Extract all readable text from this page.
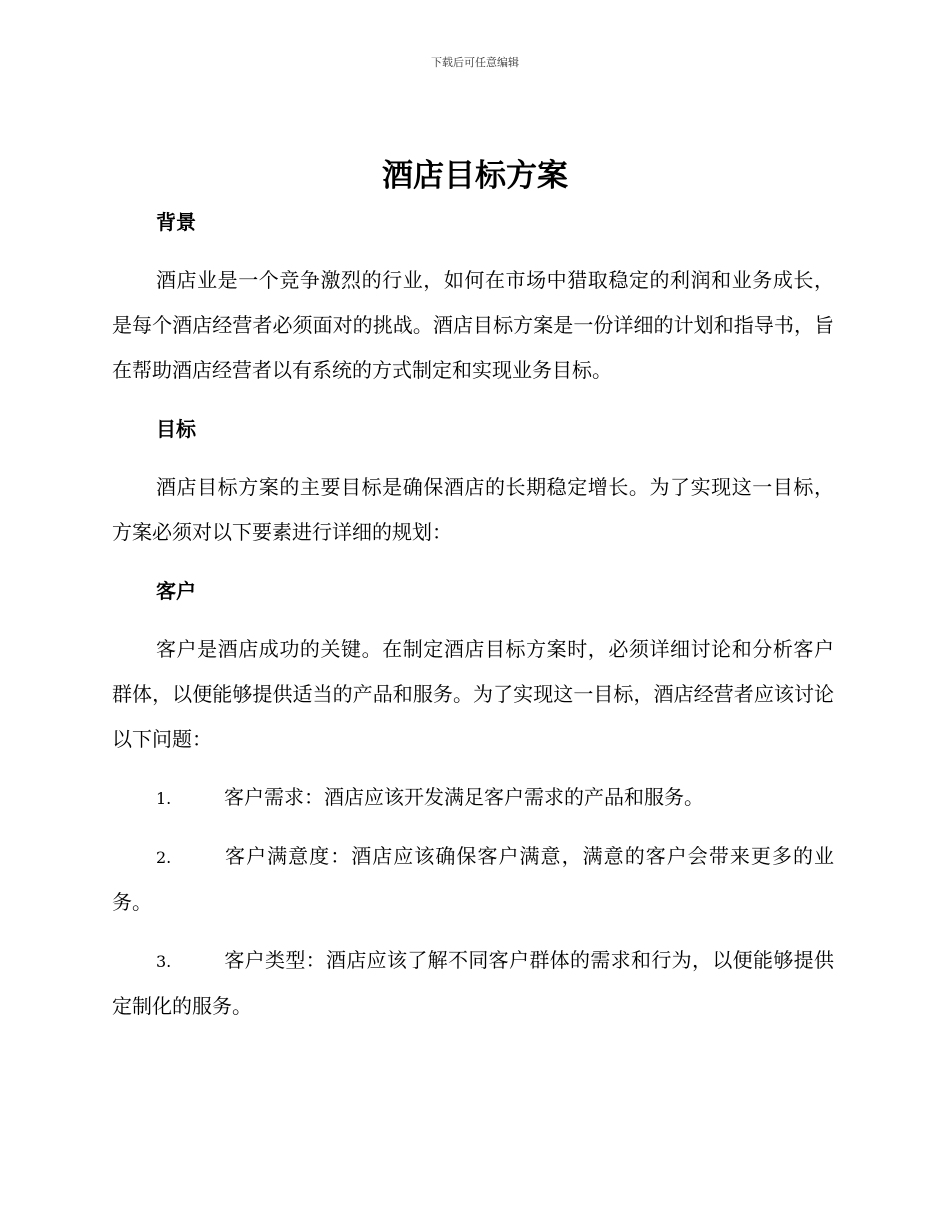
下载后可任意编辑
酒店目标方案
背景

酒店业是一个竞争激烈的行业，如何在市场中猎取稳定的利润和业务成长，是每个酒店经营者必须面对的挑战。酒店目标方案是一份详细的计划和指导书，旨在帮助酒店经营者以有系统的方式制定和实现业务目标。

目标

酒店目标方案的主要目标是确保酒店的长期稳定增长。为了实现这一目标，方案必须对以下要素进行详细的规划：

客户

客户是酒店成功的关键。在制定酒店目标方案时，必须详细讨论和分析客户群体，以便能够提供适当的产品和服务。为了实现这一目标，酒店经营者应该讨论以下问题：

1.	客户需求：酒店应该开发满足客户需求的产品和服务。

2.	客户满意度：酒店应该确保客户满意，满意的客户会带来更多的业务。

3.	客户类型：酒店应该了解不同客户群体的需求和行为，以便能够提供定制化的服务。
